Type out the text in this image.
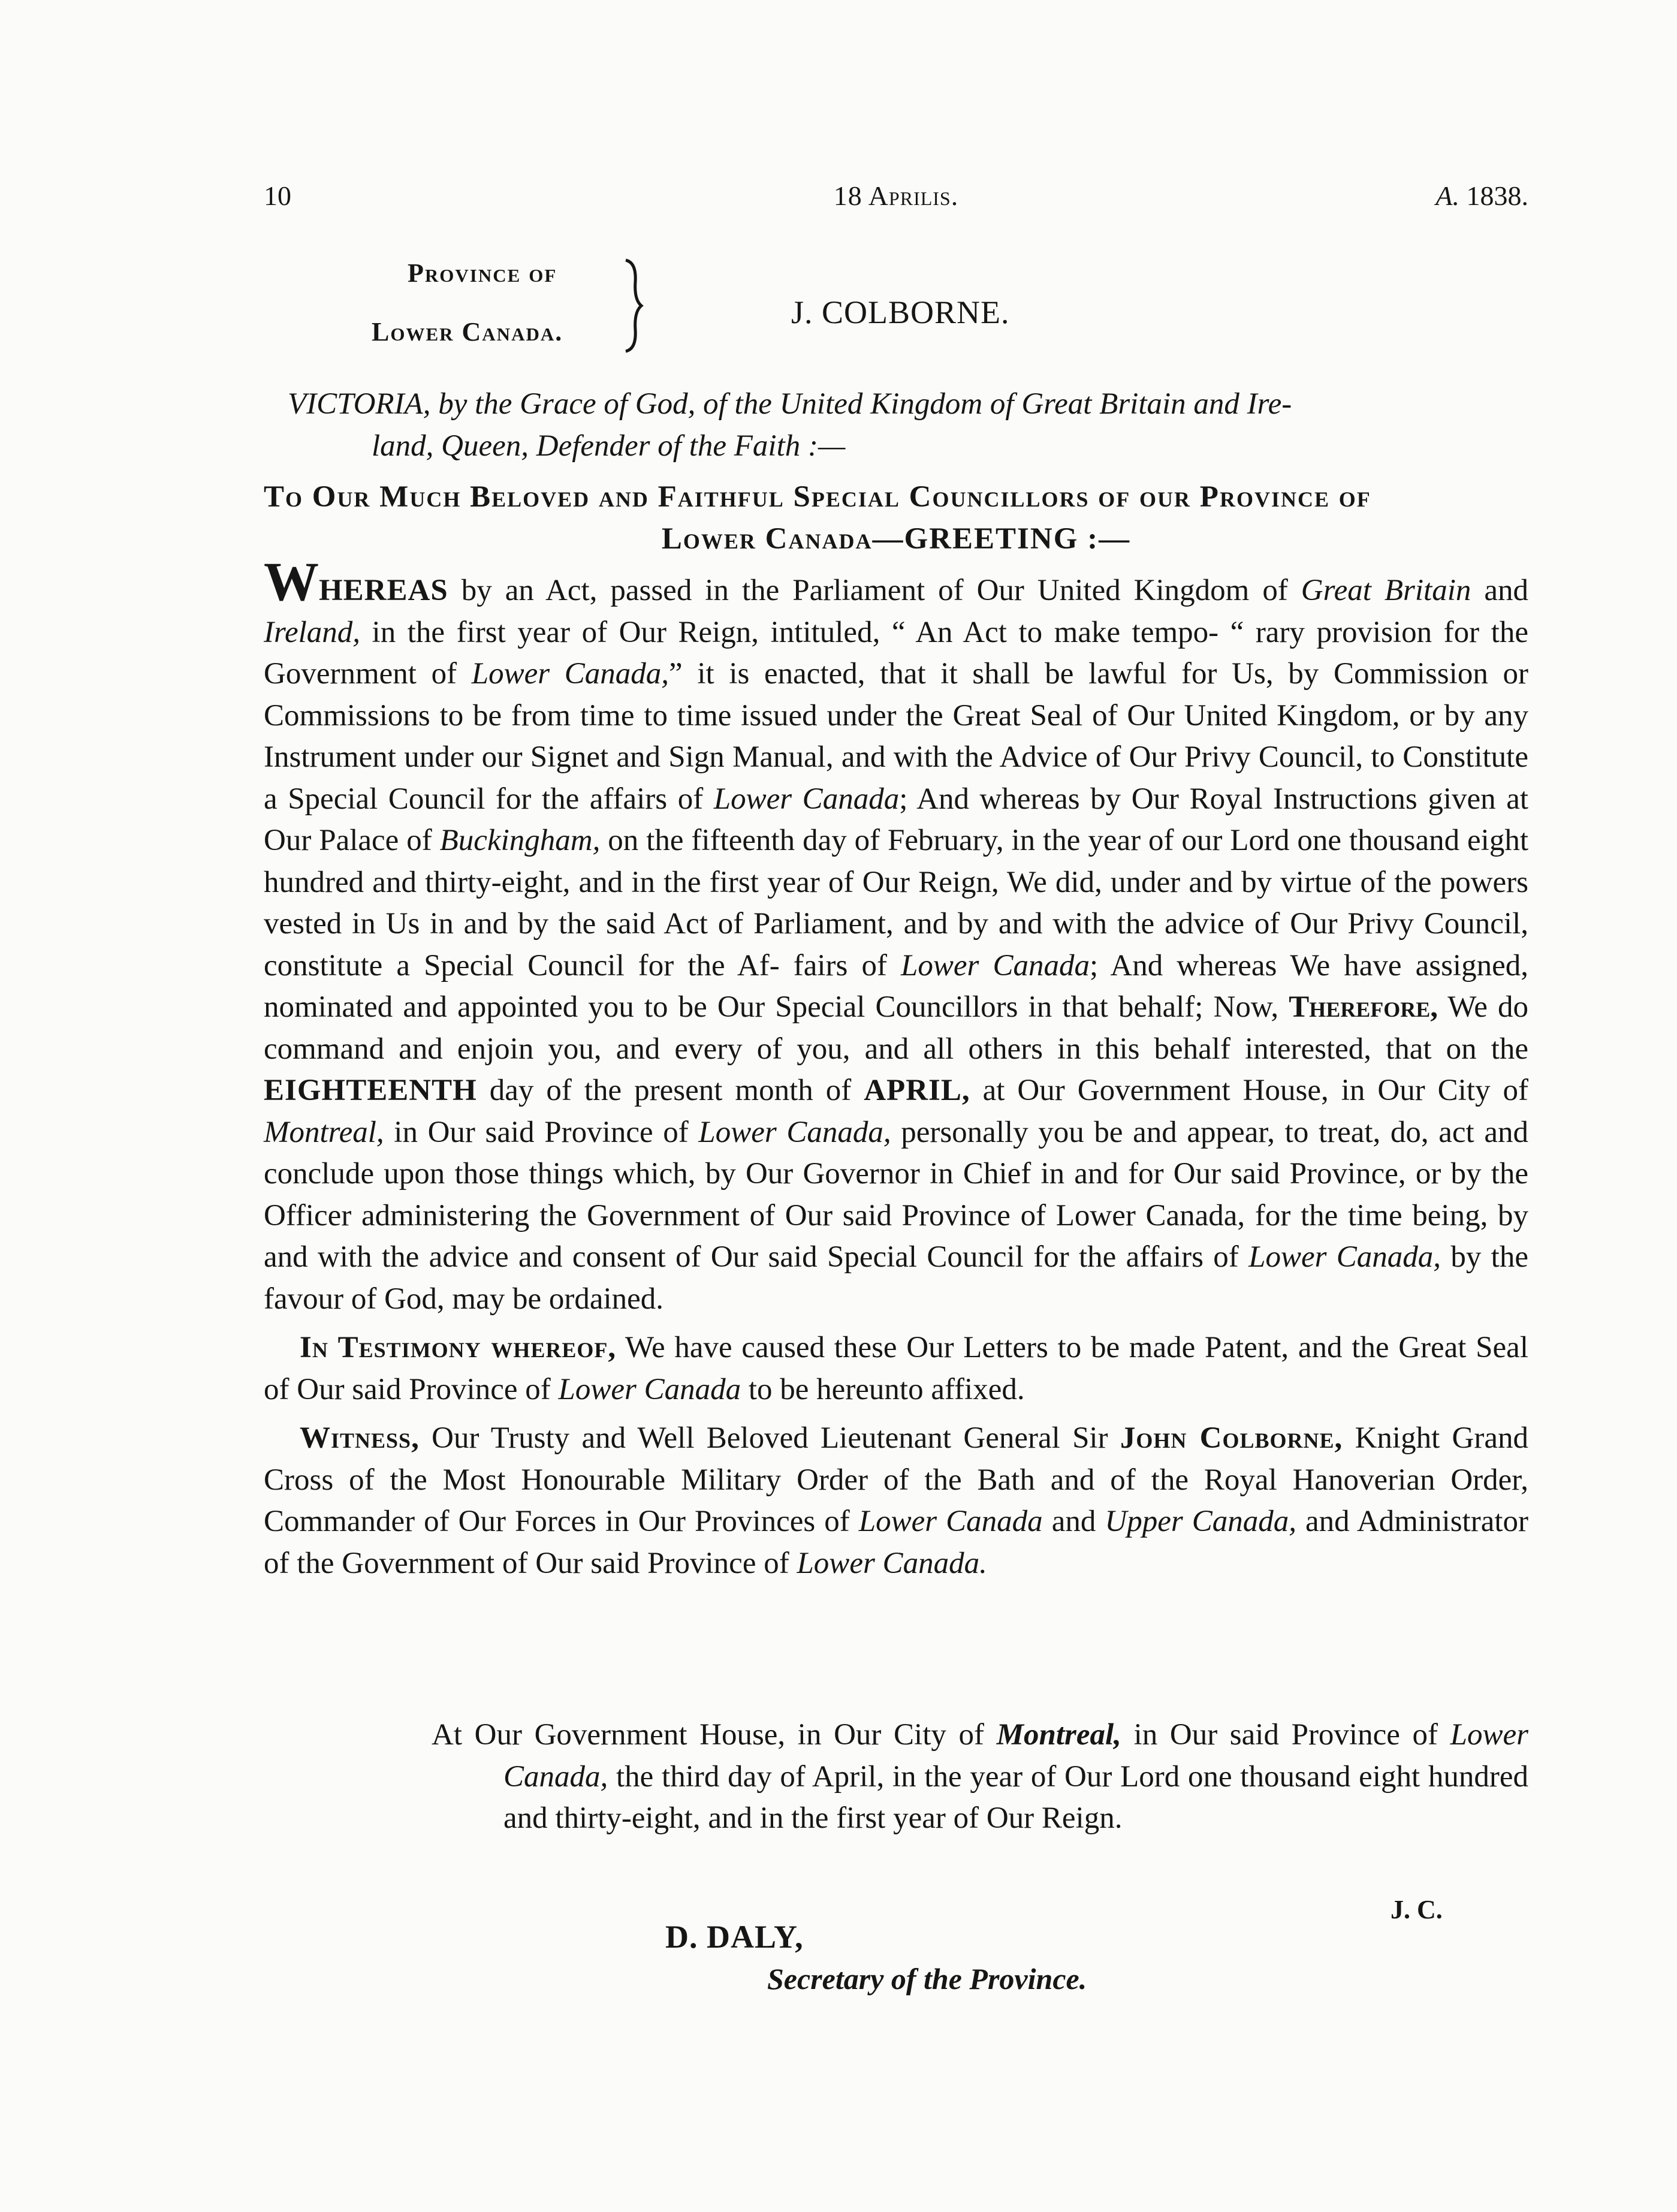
10	18 Aprilis.	A. 1838.
Province of
Lower Canada.
J. COLBORNE.

VICTORIA, by the Grace of God, of the United Kingdom of Great Britain and Ire-

land, Queen, Defender of the Faith :—

To Our Much Beloved and Faithful Special Councillors of our Province of

Lower Canada—GREETING :—

WHEREAS by an Act, passed in the Parliament of Our United Kingdom of Great Britain and Ireland, in the first year of Our Reign, intituled, “ An Act to make tempo- “ rary provision for the Government of Lower Canada,” it is enacted, that it shall be lawful for Us, by Commission or Commissions to be from time to time issued under the Great Seal of Our United Kingdom, or by any Instrument under our Signet and Sign Manual, and with the Advice of Our Privy Council, to Constitute a Special Council for the affairs of Lower Canada; And whereas by Our Royal Instructions given at Our Palace of Buckingham, on the fifteenth day of February, in the year of our Lord one thousand eight hundred and thirty-eight, and in the first year of Our Reign, We did, under and by virtue of the powers vested in Us in and by the said Act of Parliament, and by and with the advice of Our Privy Council, constitute a Special Council for the Af- fairs of Lower Canada; And whereas We have assigned, nominated and appointed you to be Our Special Councillors in that behalf; Now, Therefore, We do command and enjoin you, and every of you, and all others in this behalf interested, that on the EIGHTEENTH day of the present month of APRIL, at Our Government House, in Our City of Montreal, in Our said Province of Lower Canada, personally you be and appear, to treat, do, act and conclude upon those things which, by Our Governor in Chief in and for Our said Province, or by the Officer administering the Government of Our said Province of Lower Canada, for the time being, by and with the advice and consent of Our said Special Council for the affairs of Lower Canada, by the favour of God, may be ordained.

In Testimony whereof, We have caused these Our Letters to be made Patent, and the Great Seal of Our said Province of Lower Canada to be hereunto affixed.

Witness, Our Trusty and Well Beloved Lieutenant General Sir John Colborne, Knight Grand Cross of the Most Honourable Military Order of the Bath and of the Royal Hanoverian Order, Commander of Our Forces in Our Provinces of Lower Canada and Upper Canada, and Administrator of the Government of Our said Province of Lower Canada.

At Our Government House, in Our City of Montreal, in Our said Province of Lower Canada, the third day of April, in the year of Our Lord one thousand eight hundred and thirty-eight, and in the first year of Our Reign.

J. C.
D. DALY,
Secretary of the Province.
